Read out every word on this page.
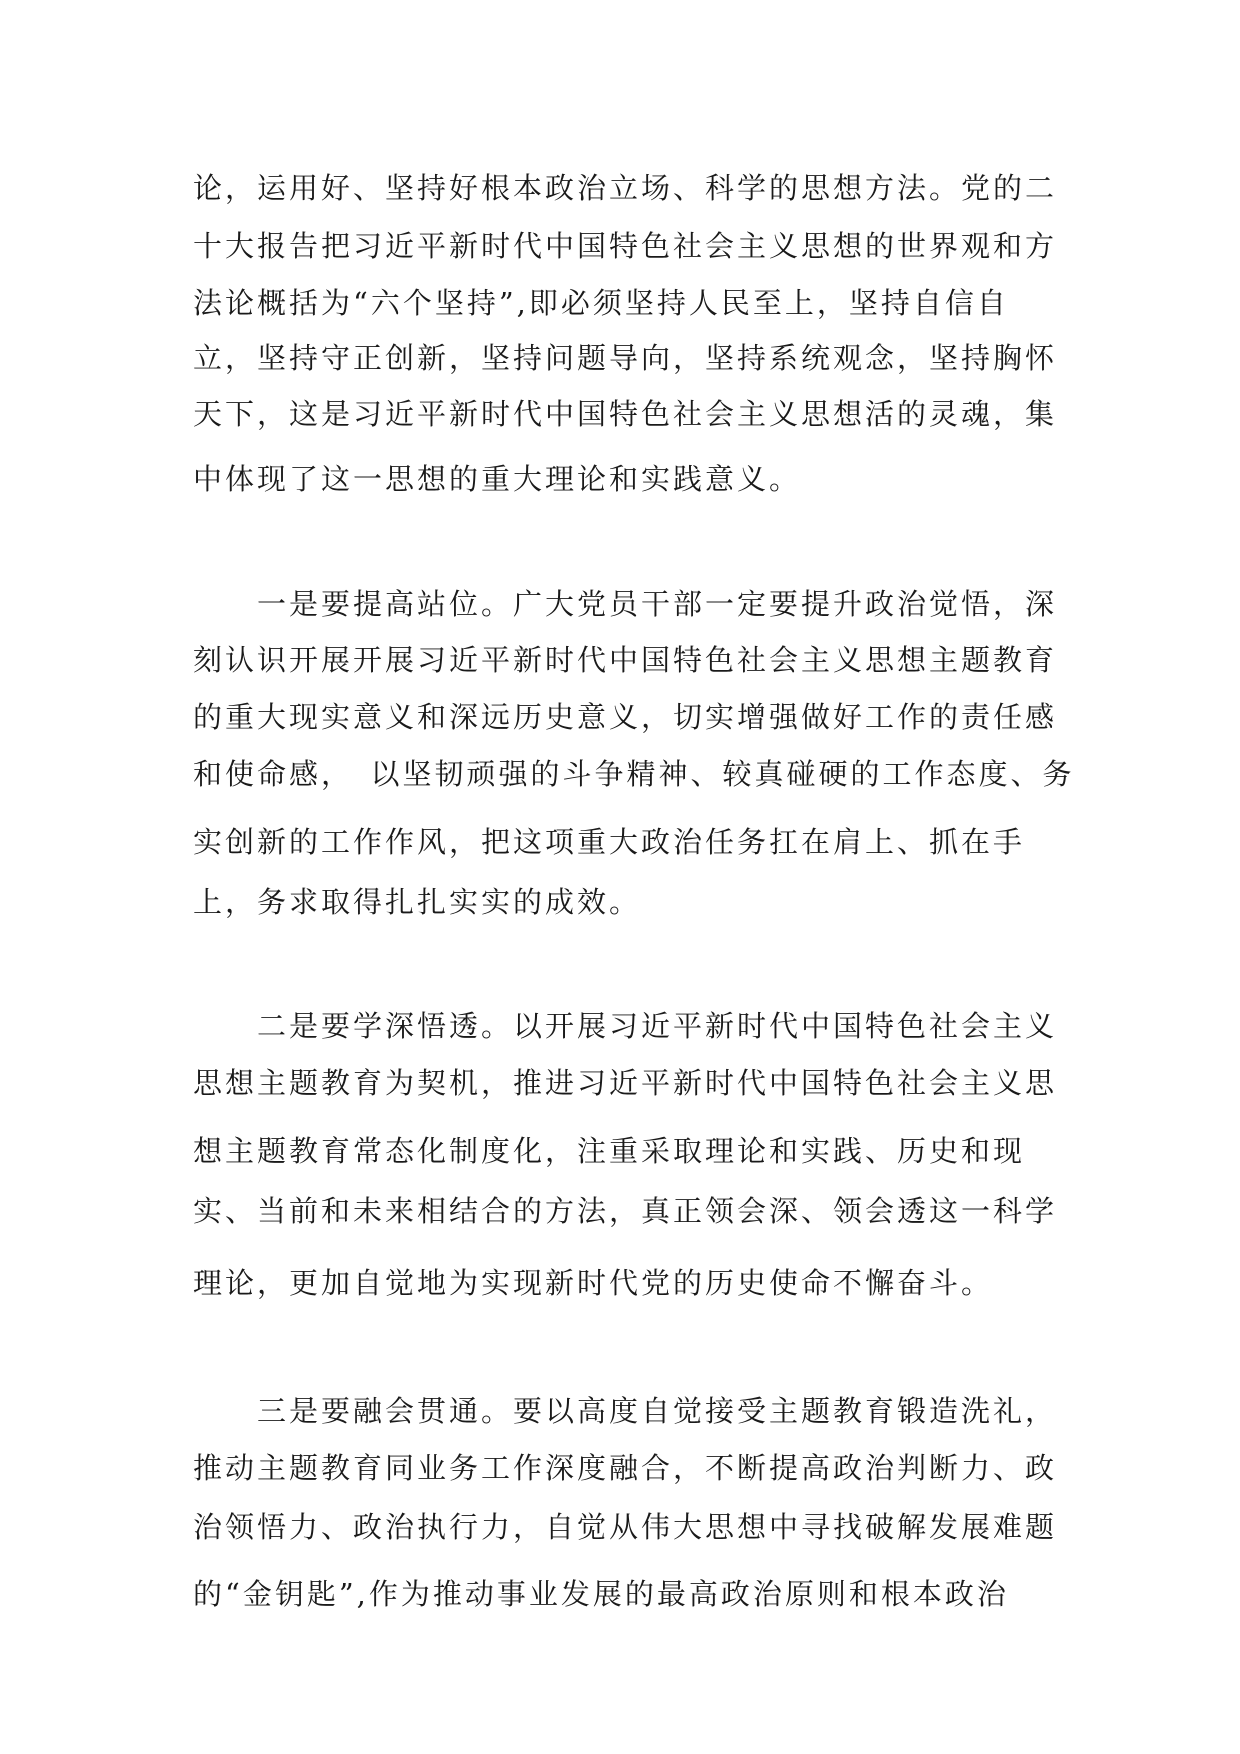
论，运用好、坚持好根本政治立场、科学的思想方法。党的二
十大报告把习近平新时代中国特色社会主义思想的世界观和方
法论概括为“六个坚持”,即必须坚持人民至上，坚持自信自
立，坚持守正创新，坚持问题导向，坚持系统观念，坚持胸怀
天下，这是习近平新时代中国特色社会主义思想活的灵魂，集
中体现了这一思想的重大理论和实践意义。
一是要提高站位。广大党员干部一定要提升政治觉悟，深
刻认识开展开展习近平新时代中国特色社会主义思想主题教育
的重大现实意义和深远历史意义，切实增强做好工作的责任感
和使命感，　以坚韧顽强的斗争精神、较真碰硬的工作态度、务
实创新的工作作风，把这项重大政治任务扛在肩上、抓在手
上，务求取得扎扎实实的成效。
二是要学深悟透。以开展习近平新时代中国特色社会主义
思想主题教育为契机，推进习近平新时代中国特色社会主义思
想主题教育常态化制度化，注重采取理论和实践、历史和现
实、当前和未来相结合的方法，真正领会深、领会透这一科学
理论，更加自觉地为实现新时代党的历史使命不懈奋斗。
三是要融会贯通。要以高度自觉接受主题教育锻造洗礼，
推动主题教育同业务工作深度融合，不断提高政治判断力、政
治领悟力、政治执行力，自觉从伟大思想中寻找破解发展难题
的“金钥匙”,作为推动事业发展的最高政治原则和根本政治
